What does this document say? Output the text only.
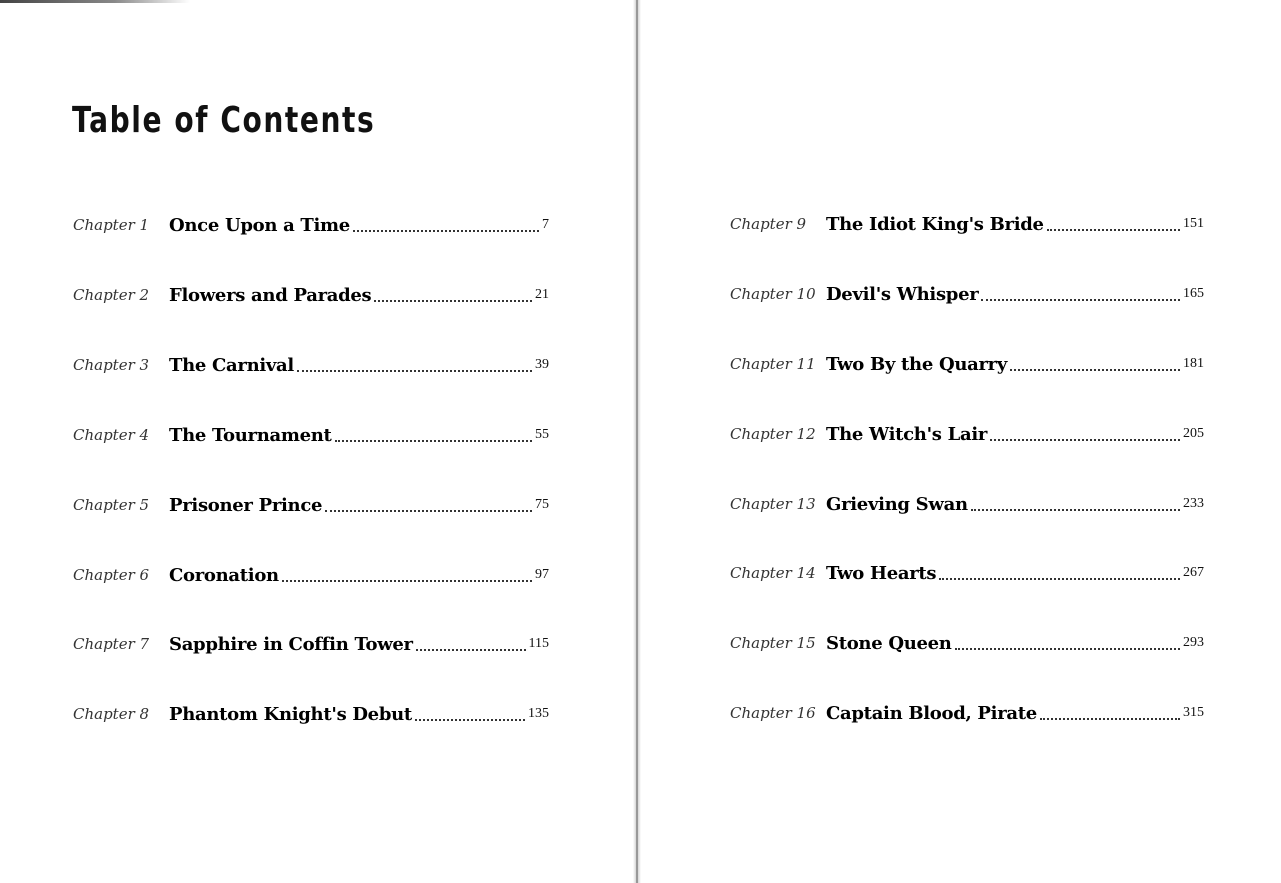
Table of Contents
Chapter 1	Once Upon a Time	7
Chapter 2	Flowers and Parades	21
Chapter 3	The Carnival	39
Chapter 4	The Tournament	55
Chapter 5	Prisoner Prince	75
Chapter 6	Coronation	97
Chapter 7	Sapphire in Coffin Tower	115
Chapter 8	Phantom Knight's Debut	135
Chapter 9	The Idiot King's Bride	151
Chapter 10 Devil's Whisper	165
Chapter 11 Two By the Quarry	181
Chapter 12 The Witch's Lair	205
Chapter 13 Grieving Swan	233
Chapter 14 Two Hearts	267
Chapter 15 Stone Queen	293
Chapter 16 Captain Blood, Pirate	315
